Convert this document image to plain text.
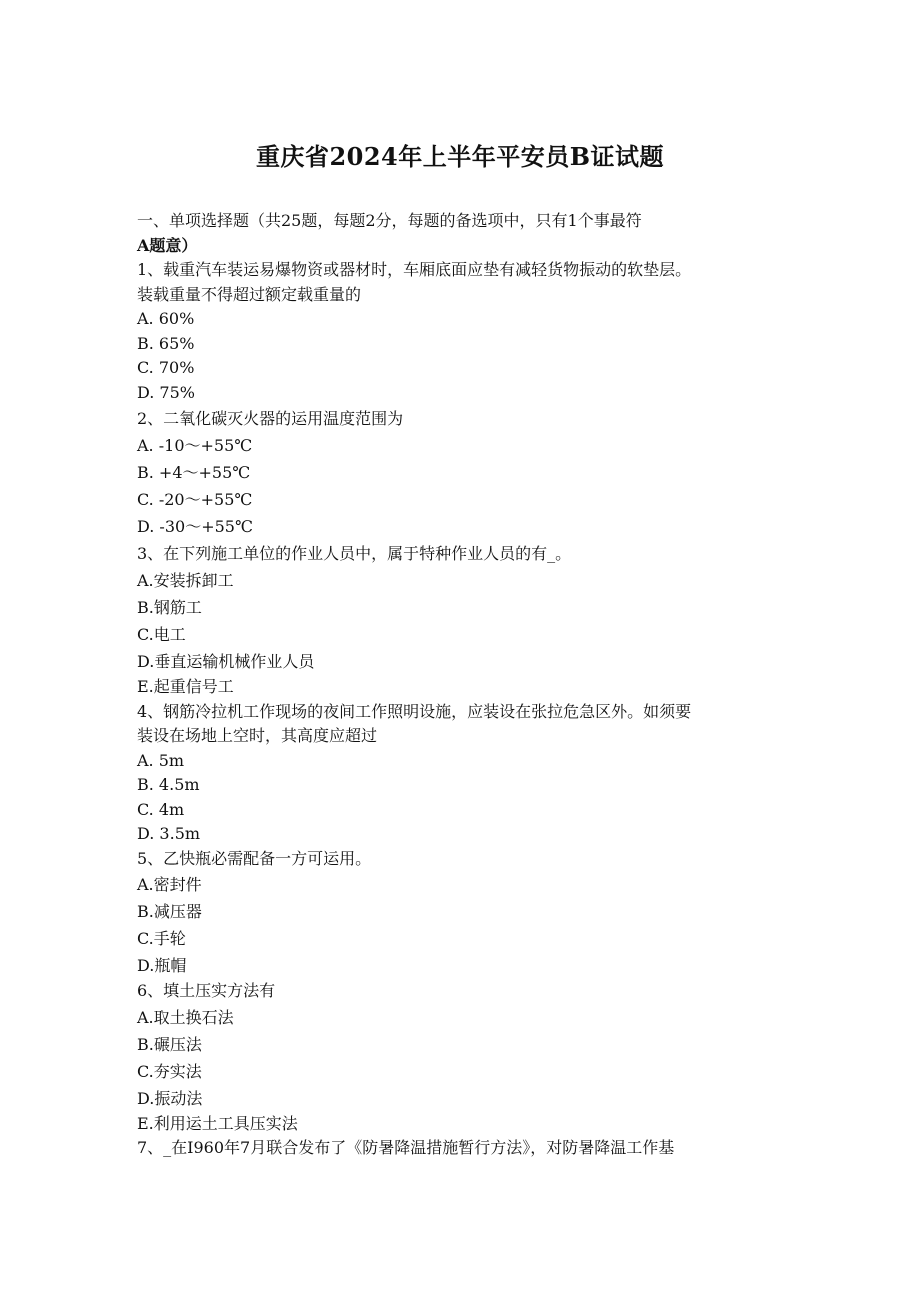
重庆省2024年上半年平安员B证试题
一、单项选择题（共25题，每题2分，每题的备选项中，只有1个事最符
A题意）
1、载重汽车装运易爆物资或器材时，车厢底面应垫有减轻货物振动的软垫层。
装载重量不得超过额定载重量的
A. 60%
B. 65%
C. 70%
D. 75%
2、二氧化碳灭火器的运用温度范围为
A. -10～+55℃
B. +4～+55℃
C. -20～+55℃
D. -30～+55℃
3、在下列施工单位的作业人员中，属于特种作业人员的有_。
A.安装拆卸工
B.钢筋工
C.电工
D.垂直运输机械作业人员
E.起重信号工
4、钢筋冷拉机工作现场的夜间工作照明设施，应装设在张拉危急区外。如须要
装设在场地上空时，其高度应超过
A. 5m
B. 4.5m
C. 4m
D. 3.5m
5、乙快瓶必需配备一方可运用。
A.密封件
B.减压器
C.手轮
D.瓶帽
6、填土压实方法有
A.取土换石法
B.碾压法
C.夯实法
D.振动法
E.利用运土工具压实法
7、_在I960年7月联合发布了《防暑降温措施暂行方法》，对防暑降温工作基
